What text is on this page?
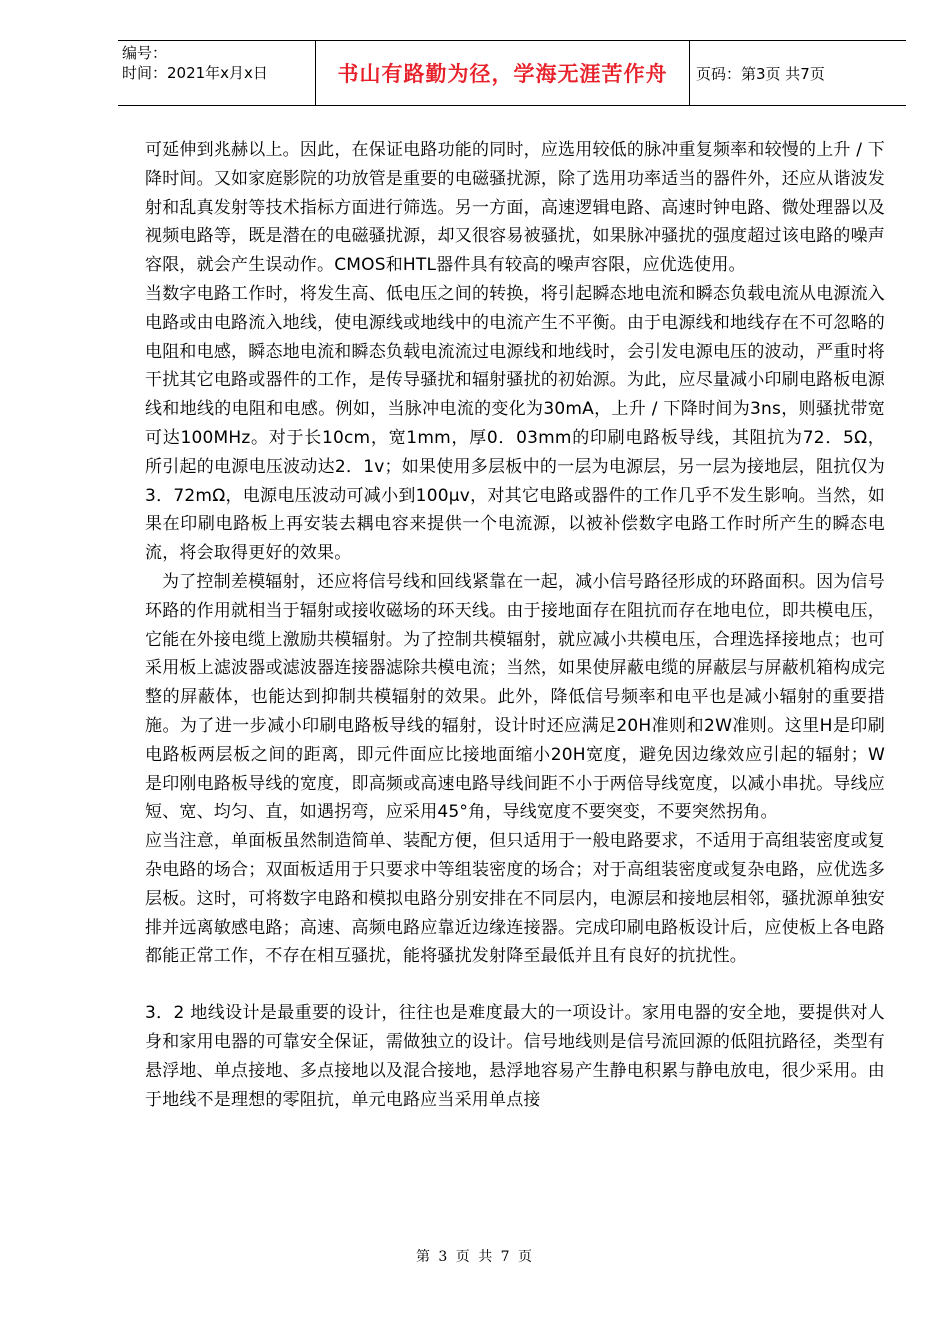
编号：
时间：2021年x月x日	书山有路勤为径，学海无涯苦作舟	页码：第3页 共7页

可延伸到兆赫以上。因此，在保证电路功能的同时，应选用较低的脉冲重复频率和较慢的上升 / 下降时间。又如家庭影院的功放管是重要的电磁骚扰源，除了选用功率适当的器件外，还应从谐波发射和乱真发射等技术指标方面进行筛选。另一方面，高速逻辑电路、高速时钟电路、微处理器以及视频电路等，既是潜在的电磁骚扰源，却又很容易被骚扰，如果脉冲骚扰的强度超过该电路的噪声容限，就会产生误动作。CMOS和HTL器件具有较高的噪声容限，应优选使用。

当数字电路工作时，将发生高、低电压之间的转换，将引起瞬态地电流和瞬态负载电流从电源流入电路或由电路流入地线，使电源线或地线中的电流产生不平衡。由于电源线和地线存在不可忽略的电阻和电感，瞬态地电流和瞬态负载电流流过电源线和地线时，会引发电源电压的波动，严重时将干扰其它电路或器件的工作，是传导骚扰和辐射骚扰的初始源。为此，应尽量减小印刷电路板电源线和地线的电阻和电感。例如，当脉冲电流的变化为30mA，上升 / 下降时间为3ns，则骚扰带宽可达100MHz。对于长10cm，宽1mm，厚0．03mm的印刷电路板导线，其阻抗为72．5Ω，所引起的电源电压波动达2．1v；如果使用多层板中的一层为电源层，另一层为接地层，阻抗仅为3．72mΩ，电源电压波动可减小到100μv，对其它电路或器件的工作几乎不发生影响。当然，如果在印刷电路板上再安装去耦电容来提供一个电流源，以被补偿数字电路工作时所产生的瞬态电流，将会取得更好的效果。

为了控制差模辐射，还应将信号线和回线紧靠在一起，减小信号路径形成的环路面积。因为信号环路的作用就相当于辐射或接收磁场的环天线。由于接地面存在阻抗而存在地电位，即共模电压，它能在外接电缆上激励共模辐射。为了控制共模辐射，就应减小共模电压，合理选择接地点；也可采用板上滤波器或滤波器连接器滤除共模电流；当然，如果使屏蔽电缆的屏蔽层与屏蔽机箱构成完整的屏蔽体，也能达到抑制共模辐射的效果。此外，降低信号频率和电平也是减小辐射的重要措施。为了进一步减小印刷电路板导线的辐射，设计时还应满足20H准则和2W准则。这里H是印刷电路板两层板之间的距离，即元件面应比接地面缩小20H宽度，避免因边缘效应引起的辐射；W是印刚电路板导线的宽度，即高频或高速电路导线间距不小于两倍导线宽度，以减小串扰。导线应短、宽、均匀、直，如遇拐弯，应采用45°角，导线宽度不要突变，不要突然拐角。

应当注意，单面板虽然制造简单、装配方便，但只适用于一般电路要求，不适用于高组装密度或复杂电路的场合；双面板适用于只要求中等组装密度的场合；对于高组装密度或复杂电路，应优选多层板。这时，可将数字电路和模拟电路分别安排在不同层内，电源层和接地层相邻，骚扰源单独安排并远离敏感电路；高速、高频电路应靠近边缘连接器。完成印刷电路板设计后，应使板上各电路都能正常工作，不存在相互骚扰，能将骚扰发射降至最低并且有良好的抗扰性。

3．2 地线设计是最重要的设计，往往也是难度最大的一项设计。家用电器的安全地，要提供对人身和家用电器的可靠安全保证，需做独立的设计。信号地线则是信号流回源的低阻抗路径，类型有悬浮地、单点接地、多点接地以及混合接地，悬浮地容易产生静电积累与静电放电，很少采用。由于地线不是理想的零阻抗，单元电路应当采用单点接

第 3 页 共 7 页
